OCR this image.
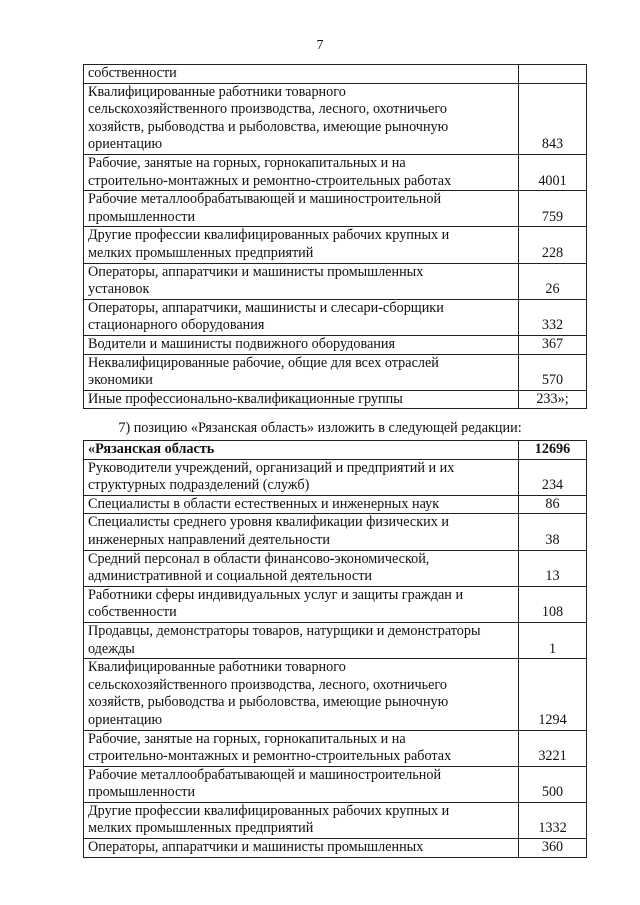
7
собственности	
Квалифицированные работники товарного
сельскохозяйственного производства, лесного, охотничьего
хозяйств, рыбоводства и рыболовства, имеющие рыночную
ориентацию	843
Рабочие, занятые на горных, горнокапитальных и на
строительно-монтажных и ремонтно-строительных работах	4001
Рабочие металлообрабатывающей и машиностроительной
промышленности	759
Другие профессии квалифицированных рабочих крупных и
мелких промышленных предприятий	228
Операторы, аппаратчики и машинисты промышленных
установок	26
Операторы, аппаратчики, машинисты и слесари-сборщики
стационарного оборудования	332
Водители и машинисты подвижного оборудования	367
Неквалифицированные рабочие, общие для всех отраслей
экономики	570
Иные профессионально-квалификационные группы	233»;
7) позицию «Рязанская область» изложить в следующей редакции:
«Рязанская область	12696
Руководители учреждений, организаций и предприятий и их
структурных подразделений (служб)	234
Специалисты в области естественных и инженерных наук	86
Специалисты среднего уровня квалификации физических и
инженерных направлений деятельности	38
Средний персонал в области финансово-экономической,
административной и социальной деятельности	13
Работники сферы индивидуальных услуг и защиты граждан и
собственности	108
Продавцы, демонстраторы товаров, натурщики и демонстраторы
одежды	1
Квалифицированные работники товарного
сельскохозяйственного производства, лесного, охотничьего
хозяйств, рыбоводства и рыболовства, имеющие рыночную
ориентацию	1294
Рабочие, занятые на горных, горнокапитальных и на
строительно-монтажных и ремонтно-строительных работах	3221
Рабочие металлообрабатывающей и машиностроительной
промышленности	500
Другие профессии квалифицированных рабочих крупных и
мелких промышленных предприятий	1332
Операторы, аппаратчики и машинисты промышленных	360
